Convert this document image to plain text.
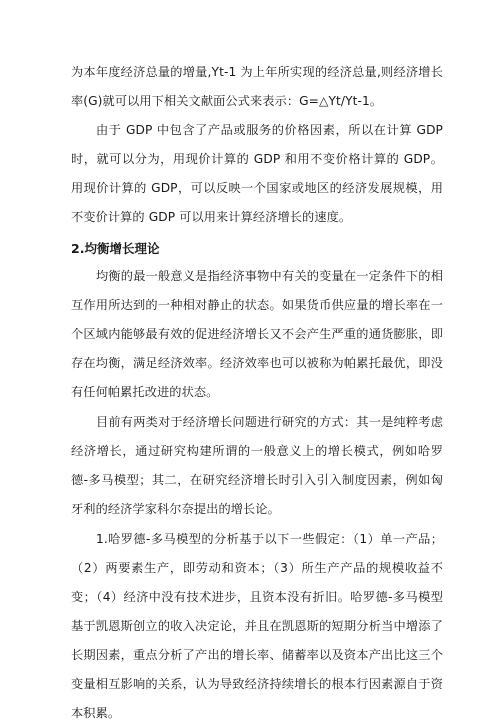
为本年度经济总量的增量,Yt-1 为上年所实现的经济总量,则经济增长率(G)就可以用下相关文献面公式来表示：G=△Yt/Yt-1。

由于 GDP 中包含了产品或服务的价格因素，所以在计算 GDP 时，就可以分为，用现价计算的 GDP 和用不变价格计算的 GDP。用现价计算的 GDP，可以反映一个国家或地区的经济发展规模，用不变价计算的 GDP 可以用来计算经济增长的速度。

2.均衡增长理论

均衡的最一般意义是指经济事物中有关的变量在一定条件下的相互作用所达到的一种相对静止的状态。如果货币供应量的增长率在一个区域内能够最有效的促进经济增长又不会产生严重的通货膨胀，即存在均衡，满足经济效率。经济效率也可以被称为帕累托最优，即没有任何帕累托改进的状态。

目前有两类对于经济增长问题进行研究的方式：其一是纯粹考虑经济增长，通过研究构建所谓的一般意义上的增长模式，例如哈罗德-多马模型；其二，在研究经济增长时引入引入制度因素，例如匈牙利的经济学家科尔奈提出的增长论。

1.哈罗德-多马模型的分析基于以下一些假定：（1）单一产品；（2）两要素生产，即劳动和资本；（3）所生产产品的规模收益不变；（4）经济中没有技术进步，且资本没有折旧。哈罗德-多马模型基于凯恩斯创立的收入决定论，并且在凯恩斯的短期分析当中增添了长期因素，重点分析了产出的增长率、储蓄率以及资本产出比这三个变量相互影响的关系，认为导致经济持续增长的根本行因素源自于资本积累。
